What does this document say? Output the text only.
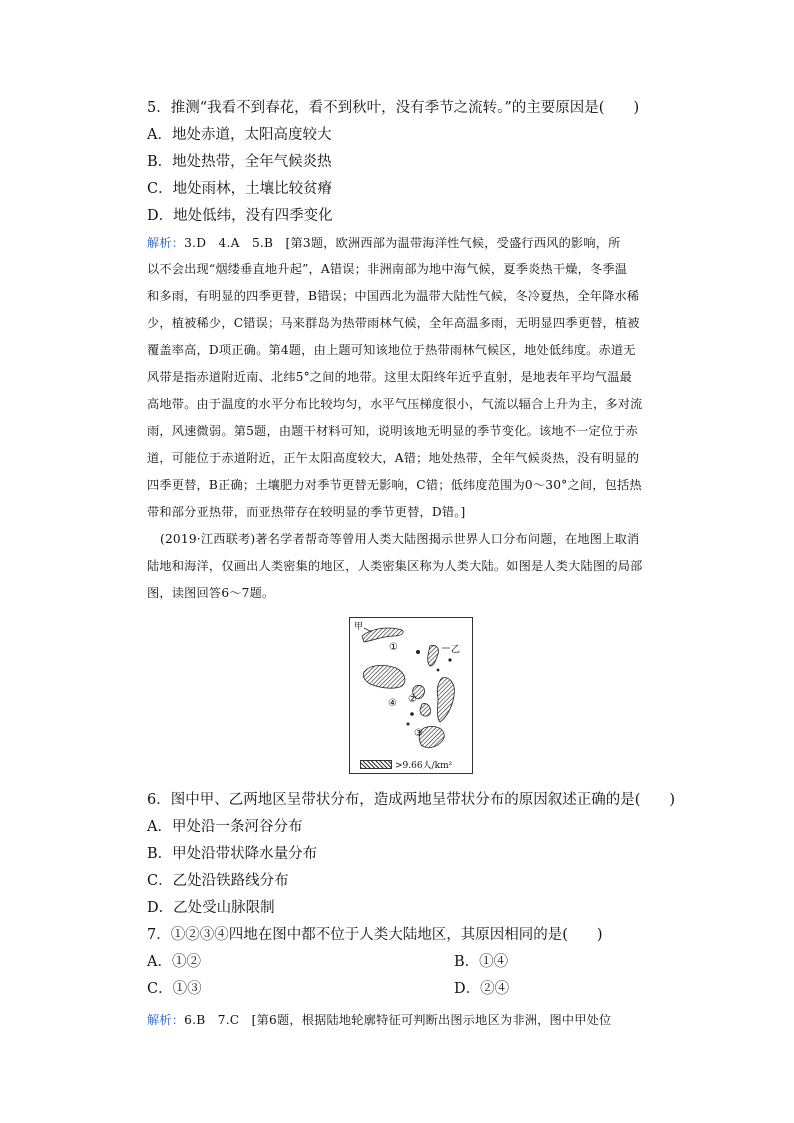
5．推测“我看不到春花，看不到秋叶，没有季节之流转。”的主要原因是(　　)
A．地处赤道，太阳高度较大
B．地处热带，全年气候炎热
C．地处雨林，土壤比较贫瘠
D．地处低纬，没有四季变化
解析：3.D　4.A　5.B　[第3题，欧洲西部为温带海洋性气候，受盛行西风的影响，所
以不会出现“烟缕垂直地升起”，A错误；非洲南部为地中海气候，夏季炎热干燥，冬季温
和多雨，有明显的四季更替，B错误；中国西北为温带大陆性气候，冬冷夏热，全年降水稀
少，植被稀少，C错误；马来群岛为热带雨林气候，全年高温多雨，无明显四季更替，植被
覆盖率高，D项正确。第4题，由上题可知该地位于热带雨林气候区，地处低纬度。赤道无
风带是指赤道附近南、北纬5°之间的地带。这里太阳终年近乎直射，是地表年平均气温最
高地带。由于温度的水平分布比较均匀，水平气压梯度很小，气流以辐合上升为主，多对流
雨，风速微弱。第5题，由题干材料可知，说明该地无明显的季节变化。该地不一定位于赤
道，可能位于赤道附近，正午太阳高度较大，A错；地处热带，全年气候炎热，没有明显的
四季更替，B正确；土壤肥力对季节更替无影响，C错；低纬度范围为0～30°之间，包括热
带和部分亚热带，而亚热带存在较明显的季节更替，D错。]
(2019·江西联考)著名学者帮奇等曾用人类大陆图揭示世界人口分布问题，在地图上取消
陆地和海洋，仅画出人类密集的地区，人类密集区称为人类大陆。如图是人类大陆图的局部
图，读图回答6～7题。
甲
乙
①
②
③
④
>9.66人/km²
6．图中甲、乙两地区呈带状分布，造成两地呈带状分布的原因叙述正确的是(　　)
A．甲处沿一条河谷分布
B．甲处沿带状降水量分布
C．乙处沿铁路线分布
D．乙处受山脉限制
7．①②③④四地在图中都不位于人类大陆地区，其原因相同的是(　　)
A．①②	B．①④
C．①③	D．②④
解析：6.B　7.C　[第6题，根据陆地轮廓特征可判断出图示地区为非洲，图中甲处位
